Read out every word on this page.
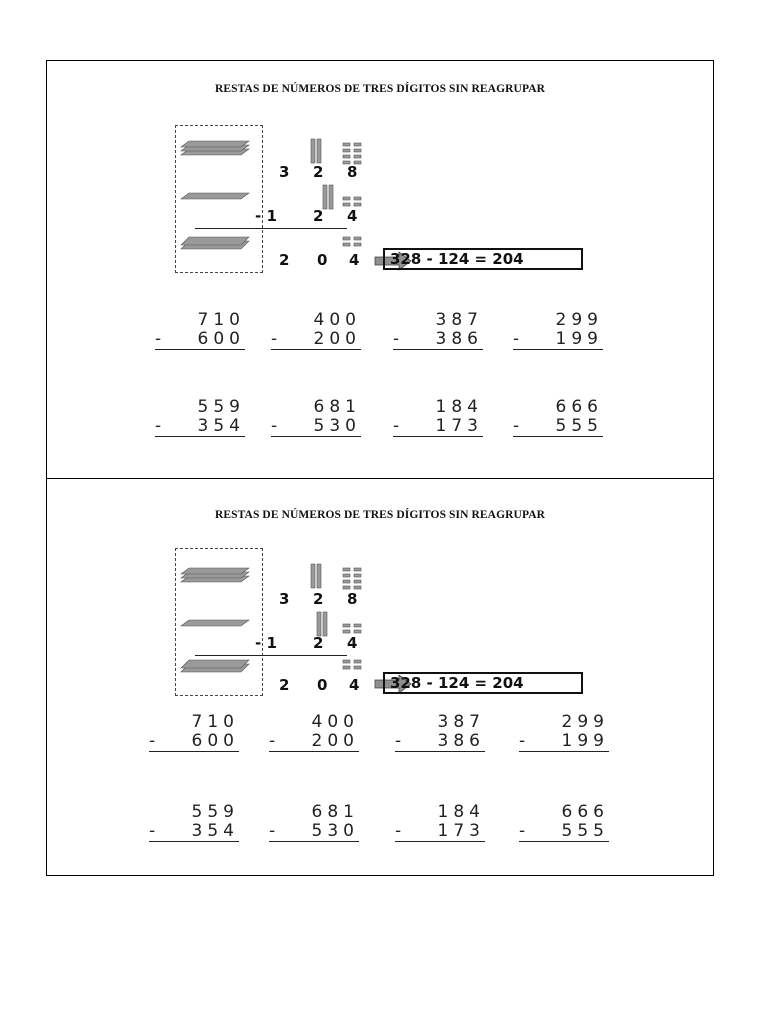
RESTAS DE NÚMEROS DE TRES DÍGITOS SIN REAGRUPAR
3 2 8
- 1 2 4
2 0 4	328 - 124 = 204
710
- 600
400
- 200
387
- 386
299
- 199
559
- 354
681
- 530
184
- 173
666
- 555
RESTAS DE NÚMEROS DE TRES DÍGITOS SIN REAGRUPAR
3 2 8
- 1 2 4
2 0 4	328 - 124 = 204
710
- 600
400
- 200
387
- 386
299
- 199
559
- 354
681
- 530
184
- 173
666
- 555
